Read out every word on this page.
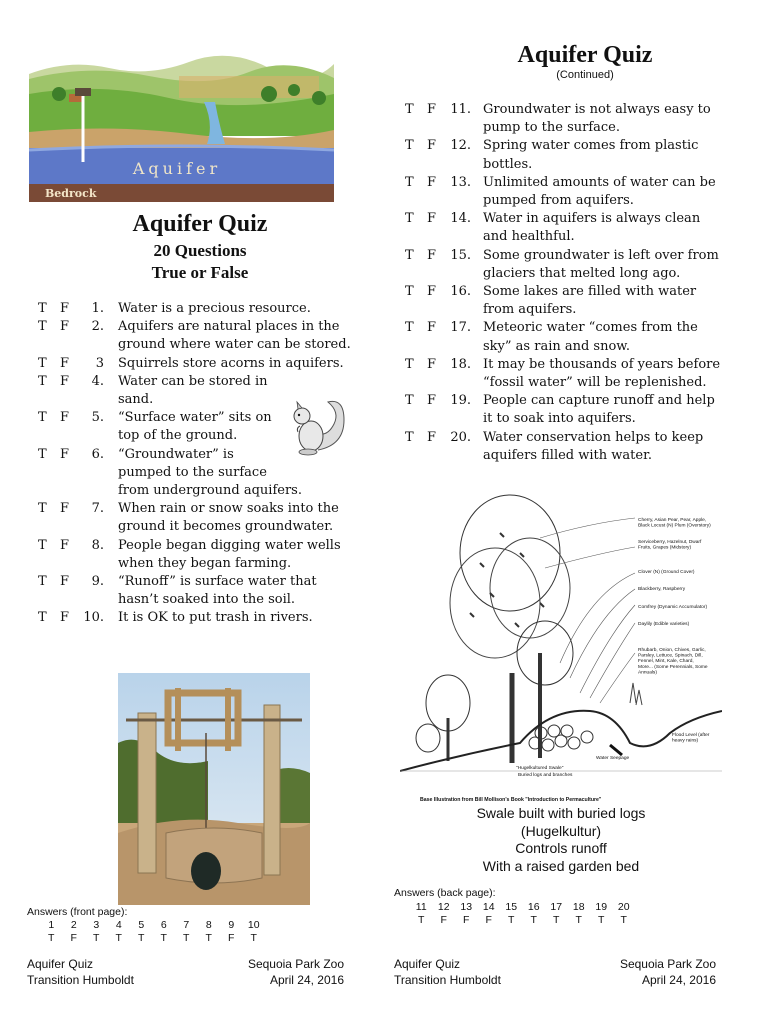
Aquifer
Bedrock
Aquifer Quiz
20 Questions
True or False
T F	1. Water is a precious resource.
T F	2. Aquifers are natural places in the
ground where water can be stored.
T F	3 Squirrels store acorns in aquifers.
T F	4. Water can be stored in
sand.
T F	5. “Surface water” sits on
top of the ground.
T F	6. “Groundwater” is
pumped to the surface
from underground aquifers.
T F	7. When rain or snow soaks into the
ground it becomes groundwater.
T F	8. People began digging water wells
when they began farming.
T F	9. “Runoff” is surface water that
hasn’t soaked into the soil.
T F 10. It is OK to put trash in rivers.
Answers (front page):
1 2 3 4 5 6 7 8 9 10
T F T T T T T T F T
Aquifer Quiz
Transition Humboldt
Sequoia Park Zoo
April 24, 2016
Aquifer Quiz
(Continued)
T F 11. Groundwater is not always easy to
pump to the surface.
T F 12. Spring water comes from plastic
bottles.
T F 13. Unlimited amounts of water can be
pumped from aquifers.
T F 14. Water in aquifers is always clean
and healthful.
T F 15. Some groundwater is left over from
glaciers that melted long ago.
T F 16. Some lakes are filled with water
from aquifers.
T F 17. Meteoric water “comes from the
sky” as rain and snow.
T F 18. It may be thousands of years before
“fossil water” will be replenished.
T F 19. People can capture runoff and help
it to soak into aquifers.
T F 20. Water conservation helps to keep
aquifers filled with water.
Cherry, Asian Pear, Pear, Apple, Black Locust (N) Plum (Overstory)
Serviceberry, Hazelnut, Dwarf Fruits, Grapes (Midstory)
Clover (N) (Ground Cover)
Blackberry, Raspberry
Comfrey (Dynamic Accumulator)
Daylily (Edible varieties)
Rhubarb, Onion, Chives, Garlic, Parsley, Lettuce, Spinach, Dill, Fennel, Mint, Kale, Chard, More... (Some Perennials, Some Annuals)
Flood Level (after heavy rains)
Water Seepage
"Hugelkultured Swale"
Buried logs and branches
Base Illustration from Bill Mollison's Book "Introduction to Permaculture"
Swale built with buried logs
(Hugelkultur)
Controls runoff
With a raised garden bed
Answers (back page):
11 12 13 14 15 16 17 18 19 20
T F F F T T T T T T
Aquifer Quiz
Transition Humboldt
Sequoia Park Zoo
April 24, 2016
